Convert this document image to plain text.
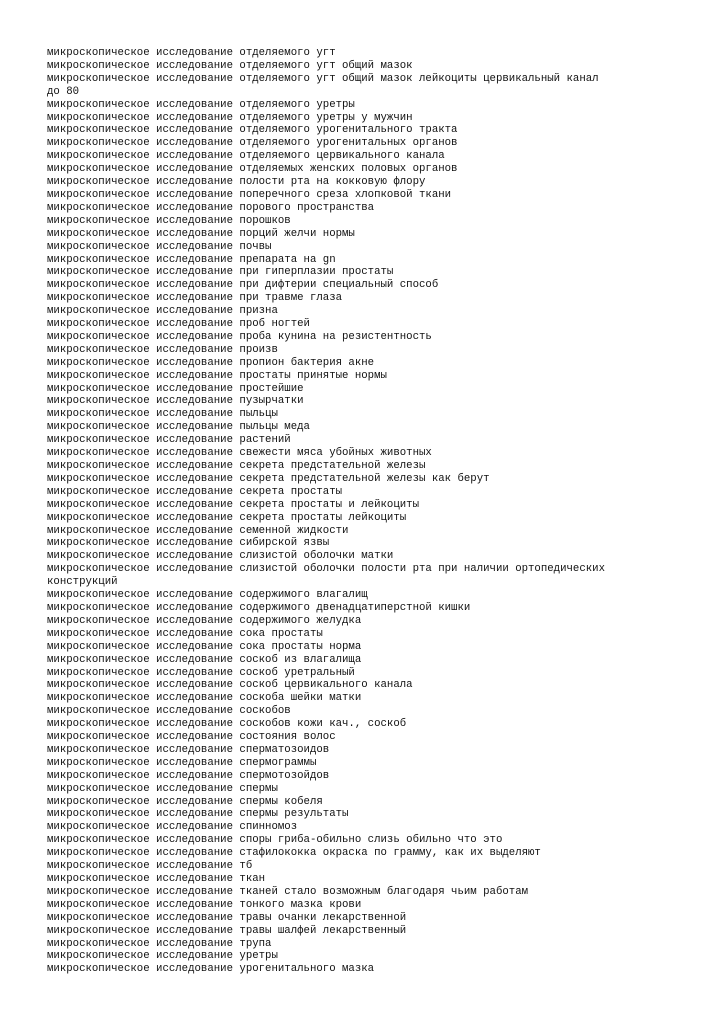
микроскопическое исследование отделяемого угт
микроскопическое исследование отделяемого угт общий мазок
микроскопическое исследование отделяемого угт общий мазок лейкоциты цервикальный канал
до 80
микроскопическое исследование отделяемого уретры
микроскопическое исследование отделяемого уретры у мужчин
микроскопическое исследование отделяемого урогенитального тракта
микроскопическое исследование отделяемого урогенитальных органов
микроскопическое исследование отделяемого цервикального канала
микроскопическое исследование отделяемых женских половых органов
микроскопическое исследование полости рта на кокковую флору
микроскопическое исследование поперечного среза хлопковой ткани
микроскопическое исследование порового пространства
микроскопическое исследование порошков
микроскопическое исследование порций желчи нормы
микроскопическое исследование почвы
микроскопическое исследование препарата на gn
микроскопическое исследование при гиперплазии простаты
микроскопическое исследование при дифтерии специальный способ
микроскопическое исследование при травме глаза
микроскопическое исследование призна
микроскопическое исследование проб ногтей
микроскопическое исследование проба кунина на резистентность
микроскопическое исследование произв
микроскопическое исследование пропион бактерия акне
микроскопическое исследование простаты принятые нормы
микроскопическое исследование простейшие
микроскопическое исследование пузырчатки
микроскопическое исследование пыльцы
микроскопическое исследование пыльцы меда
микроскопическое исследование растений
микроскопическое исследование свежести мяса убойных животных
микроскопическое исследование секрета предстательной железы
микроскопическое исследование секрета предстательной железы как берут
микроскопическое исследование секрета простаты
микроскопическое исследование секрета простаты и лейкоциты
микроскопическое исследование секрета простаты лейкоциты
микроскопическое исследование семенной жидкости
микроскопическое исследование сибирской язвы
микроскопическое исследование слизистой оболочки матки
микроскопическое исследование слизистой оболочки полости рта при наличии ортопедических
конструкций
микроскопическое исследование содержимого влагалищ
микроскопическое исследование содержимого двенадцатиперстной кишки
микроскопическое исследование содержимого желудка
микроскопическое исследование сока простаты
микроскопическое исследование сока простаты норма
микроскопическое исследование соскоб из влагалища
микроскопическое исследование соскоб уретральный
микроскопическое исследование соскоб цервикального канала
микроскопическое исследование соскоба шейки матки
микроскопическое исследование соскобов
микроскопическое исследование соскобов кожи кач., соскоб
микроскопическое исследование состояния волос
микроскопическое исследование сперматозоидов
микроскопическое исследование спермограммы
микроскопическое исследование спермотозойдов
микроскопическое исследование спермы
микроскопическое исследование спермы кобеля
микроскопическое исследование спермы результаты
микроскопическое исследование спинномоз
микроскопическое исследование споры гриба-обильно слизь обильно что это
микроскопическое исследование стафилококка окраска по грамму, как их выделяют
микроскопическое исследование тб
микроскопическое исследование ткан
микроскопическое исследование тканей стало возможным благодаря чьим работам
микроскопическое исследование тонкого мазка крови
микроскопическое исследование травы очанки лекарственной
микроскопическое исследование травы шалфей лекарственный
микроскопическое исследование трупа
микроскопическое исследование уретры
микроскопическое исследование урогенитального мазка
